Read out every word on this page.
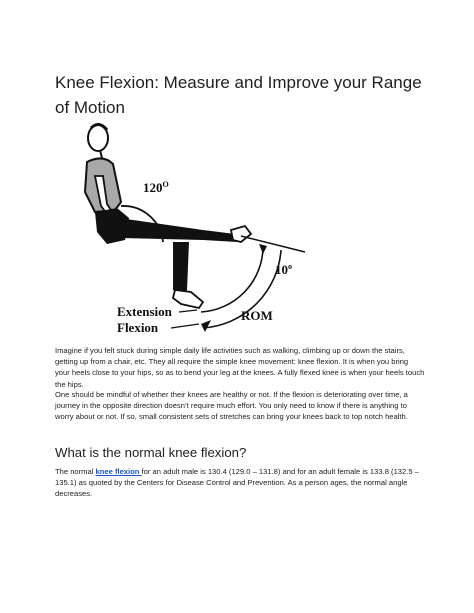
Knee Flexion: Measure and Improve your Range of Motion
$120^O$
10$^o$
Extension
Flexion
ROM

Imagine if you felt stuck during simple daily life activities such as walking, climbing up or down the stairs, getting up from a chair, etc. They all require the simple knee movement: knee flexion. It is when you bring your heels close to your hips, so as to bend your leg at the knees. A fully flexed knee is when your heels touch the hips.

One should be mindful of whether their knees are healthy or not. If the flexion is deteriorating over time, a journey in the opposite direction doesn’t require much effort. You only need to know if there is anything to worry about or not. If so, small consistent sets of stretches can bring your knees back to top notch health.

What is the normal knee flexion?

The normal knee flexion for an adult male is 130.4 (129.0 – 131.8) and for an adult female is 133.8 (132.5 – 135.1) as quoted by the Centers for Disease Control and Prevention. As a person ages, the normal angle decreases.
